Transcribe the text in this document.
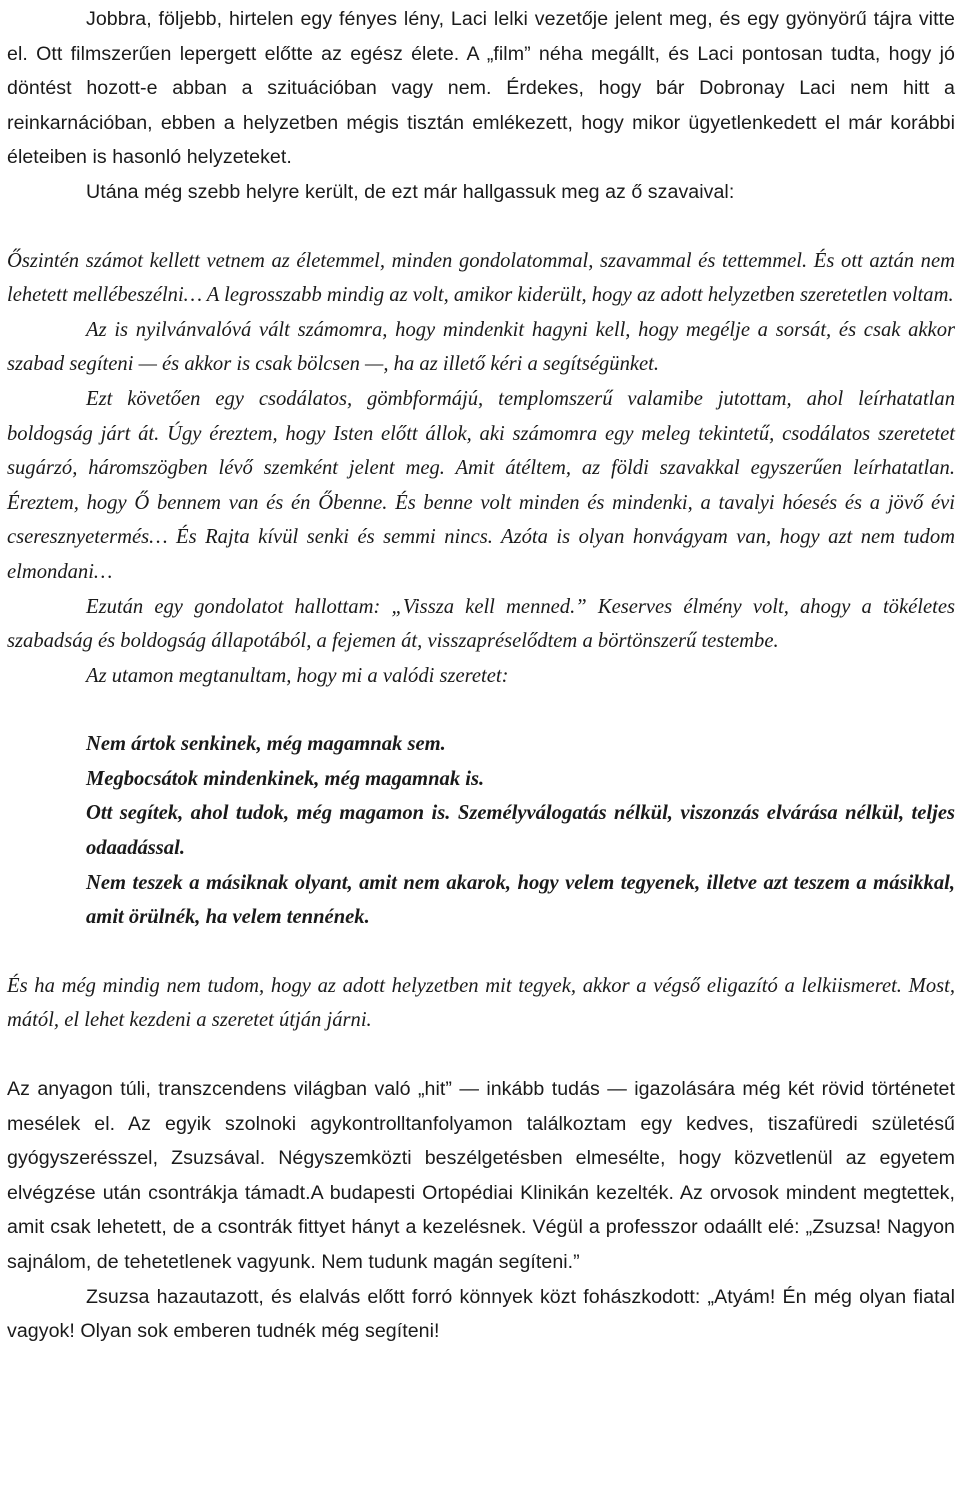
Jobbra, följebb, hirtelen egy fényes lény, Laci lelki vezetője jelent meg, és egy gyönyörű tájra vitte el. Ott filmszerűen lepergett előtte az egész élete. A „film” néha megállt, és Laci pontosan tudta, hogy jó döntést hozott-e abban a szituációban vagy nem. Érdekes, hogy bár Dobronay Laci nem hitt a reinkarnációban, ebben a helyzetben mégis tisztán emlékezett, hogy mikor ügyetlenkedett el már korábbi életeiben is hasonló helyzeteket.

Utána még szebb helyre került, de ezt már hallgassuk meg az ő szavaival:

Őszintén számot kellett vetnem az életemmel, minden gondolatommal, szavammal és tettemmel. És ott aztán nem lehetett mellébeszélni… A legrosszabb mindig az volt, amikor kiderült, hogy az adott helyzetben szeretetlen voltam.

Az is nyilvánvalóvá vált számomra, hogy mindenkit hagyni kell, hogy megélje a sorsát, és csak akkor szabad segíteni — és akkor is csak bölcsen —, ha az illető kéri a segítségünket.

Ezt követően egy csodálatos, gömbformájú, templomszerű valamibe jutottam, ahol leírhatatlan boldogság járt át. Úgy éreztem, hogy Isten előtt állok, aki számomra egy meleg tekintetű, csodálatos szeretetet sugárzó, háromszögben lévő szemként jelent meg. Amit átéltem, az földi szavakkal egyszerűen leírhatatlan. Éreztem, hogy Ő bennem van és én Őbenne. És benne volt minden és mindenki, a tavalyi hóesés és a jövő évi cseresznyetermés… És Rajta kívül senki és semmi nincs. Azóta is olyan honvágyam van, hogy azt nem tudom elmondani…

Ezután egy gondolatot hallottam: „Vissza kell menned.” Keserves élmény volt, ahogy a tökéletes szabadság és boldogság állapotából, a fejemen át, visszapréselődtem a börtönszerű testembe.

Az utamon megtanultam, hogy mi a valódi szeretet:

Nem ártok senkinek, még magamnak sem.

Megbocsátok mindenkinek, még magamnak is.

Ott segítek, ahol tudok, még magamon is. Személyválogatás nélkül, viszonzás elvárása nélkül, teljes odaadással.

Nem teszek a másiknak olyant, amit nem akarok, hogy velem tegyenek, illetve azt teszem a másikkal, amit örülnék, ha velem tennének.

És ha még mindig nem tudom, hogy az adott helyzetben mit tegyek, akkor a végső eligazító a lelkiismeret. Most, mától, el lehet kezdeni a szeretet útján járni.

Az anyagon túli, transzcendens világban való „hit” — inkább tudás — igazolására még két rövid történetet mesélek el. Az egyik szolnoki agykontrolltanfolyamon találkoztam egy kedves, tiszafüredi születésű gyógyszerésszel, Zsuzsával. Négyszemközti beszélgetésben elmesélte, hogy közvetlenül az egyetem elvégzése után csontrákja támadt.A budapesti Ortopédiai Klinikán kezelték. Az orvosok mindent megtettek, amit csak lehetett, de a csontrák fittyet hányt a kezelésnek. Végül a professzor odaállt elé: „Zsuzsa! Nagyon sajnálom, de tehetetlenek vagyunk. Nem tudunk magán segíteni.”

Zsuzsa hazautazott, és elalvás előtt forró könnyek közt fohászkodott: „Atyám! Én még olyan fiatal vagyok! Olyan sok emberen tudnék még segíteni!
